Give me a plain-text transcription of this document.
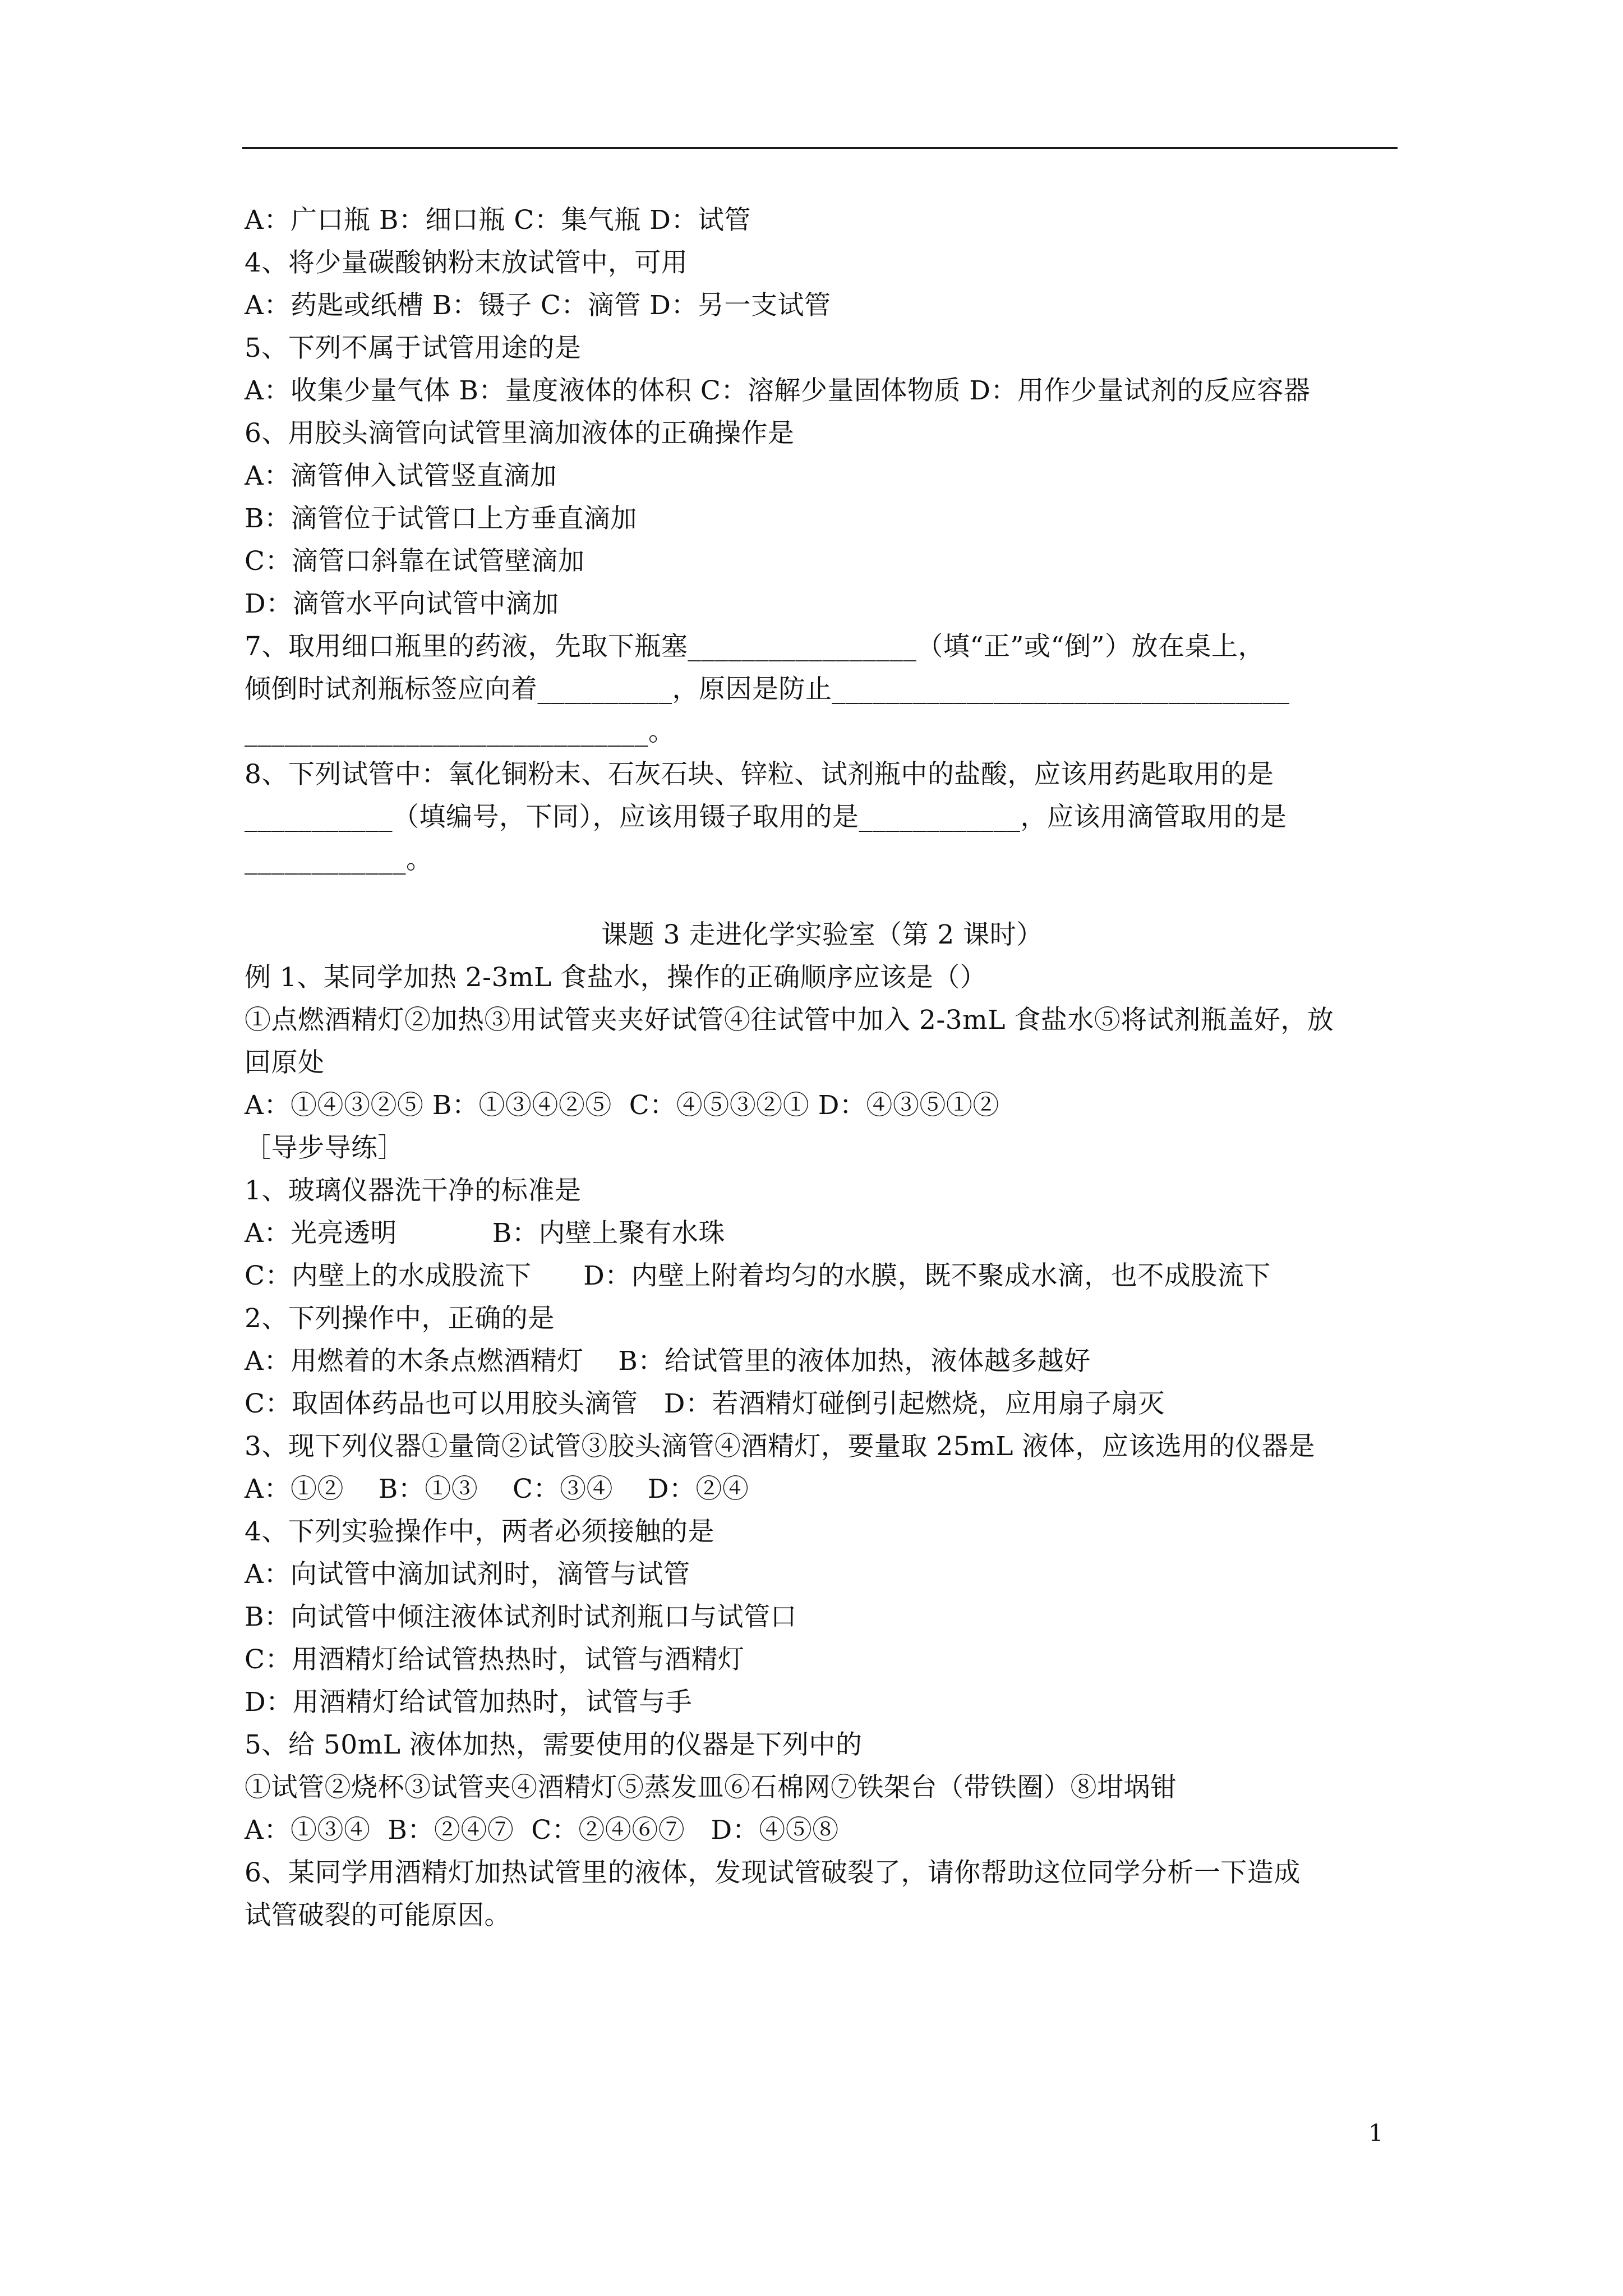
A：广口瓶 B：细口瓶 C：集气瓶 D：试管
4、将少量碳酸钠粉末放试管中，可用
A：药匙或纸槽 B：镊子 C：滴管 D：另一支试管
5、下列不属于试管用途的是
A：收集少量气体 B：量度液体的体积 C：溶解少量固体物质 D：用作少量试剂的反应容器
6、用胶头滴管向试管里滴加液体的正确操作是
A：滴管伸入试管竖直滴加
B：滴管位于试管口上方垂直滴加
C：滴管口斜靠在试管壁滴加
D：滴管水平向试管中滴加
7、取用细口瓶里的药液，先取下瓶塞_________________（填“正”或“倒”）放在桌上，
倾倒时试剂瓶标签应向着__________，原因是防止__________________________________
______________________________。
8、下列试管中：氧化铜粉末、石灰石块、锌粒、试剂瓶中的盐酸，应该用药匙取用的是
___________（填编号，下同），应该用镊子取用的是____________，应该用滴管取用的是
____________。
课题 3 走进化学实验室（第 2 课时）
例 1、某同学加热 2-3mL 食盐水，操作的正确顺序应该是（）
①点燃酒精灯②加热③用试管夹夹好试管④往试管中加入 2-3mL 食盐水⑤将试剂瓶盖好，放
回原处
A：①④③②⑤ B：①③④②⑤  C：④⑤③②① D：④③⑤①②
［导步导练］
1、玻璃仪器洗干净的标准是
A：光亮透明           B：内壁上聚有水珠
C：内壁上的水成股流下      D：内壁上附着均匀的水膜，既不聚成水滴，也不成股流下
2、下列操作中，正确的是
A：用燃着的木条点燃酒精灯    B：给试管里的液体加热，液体越多越好
C：取固体药品也可以用胶头滴管   D：若酒精灯碰倒引起燃烧，应用扇子扇灭
3、现下列仪器①量筒②试管③胶头滴管④酒精灯，要量取 25mL 液体，应该选用的仪器是
A：①②    B：①③    C：③④    D：②④
4、下列实验操作中，两者必须接触的是
A：向试管中滴加试剂时，滴管与试管
B：向试管中倾注液体试剂时试剂瓶口与试管口
C：用酒精灯给试管热热时，试管与酒精灯
D：用酒精灯给试管加热时，试管与手
5、给 50mL 液体加热，需要使用的仪器是下列中的
①试管②烧杯③试管夹④酒精灯⑤蒸发皿⑥石棉网⑦铁架台（带铁圈）⑧坩埚钳
A：①③④  B：②④⑦  C：②④⑥⑦   D：④⑤⑧
6、某同学用酒精灯加热试管里的液体，发现试管破裂了，请你帮助这位同学分析一下造成
试管破裂的可能原因。
1
